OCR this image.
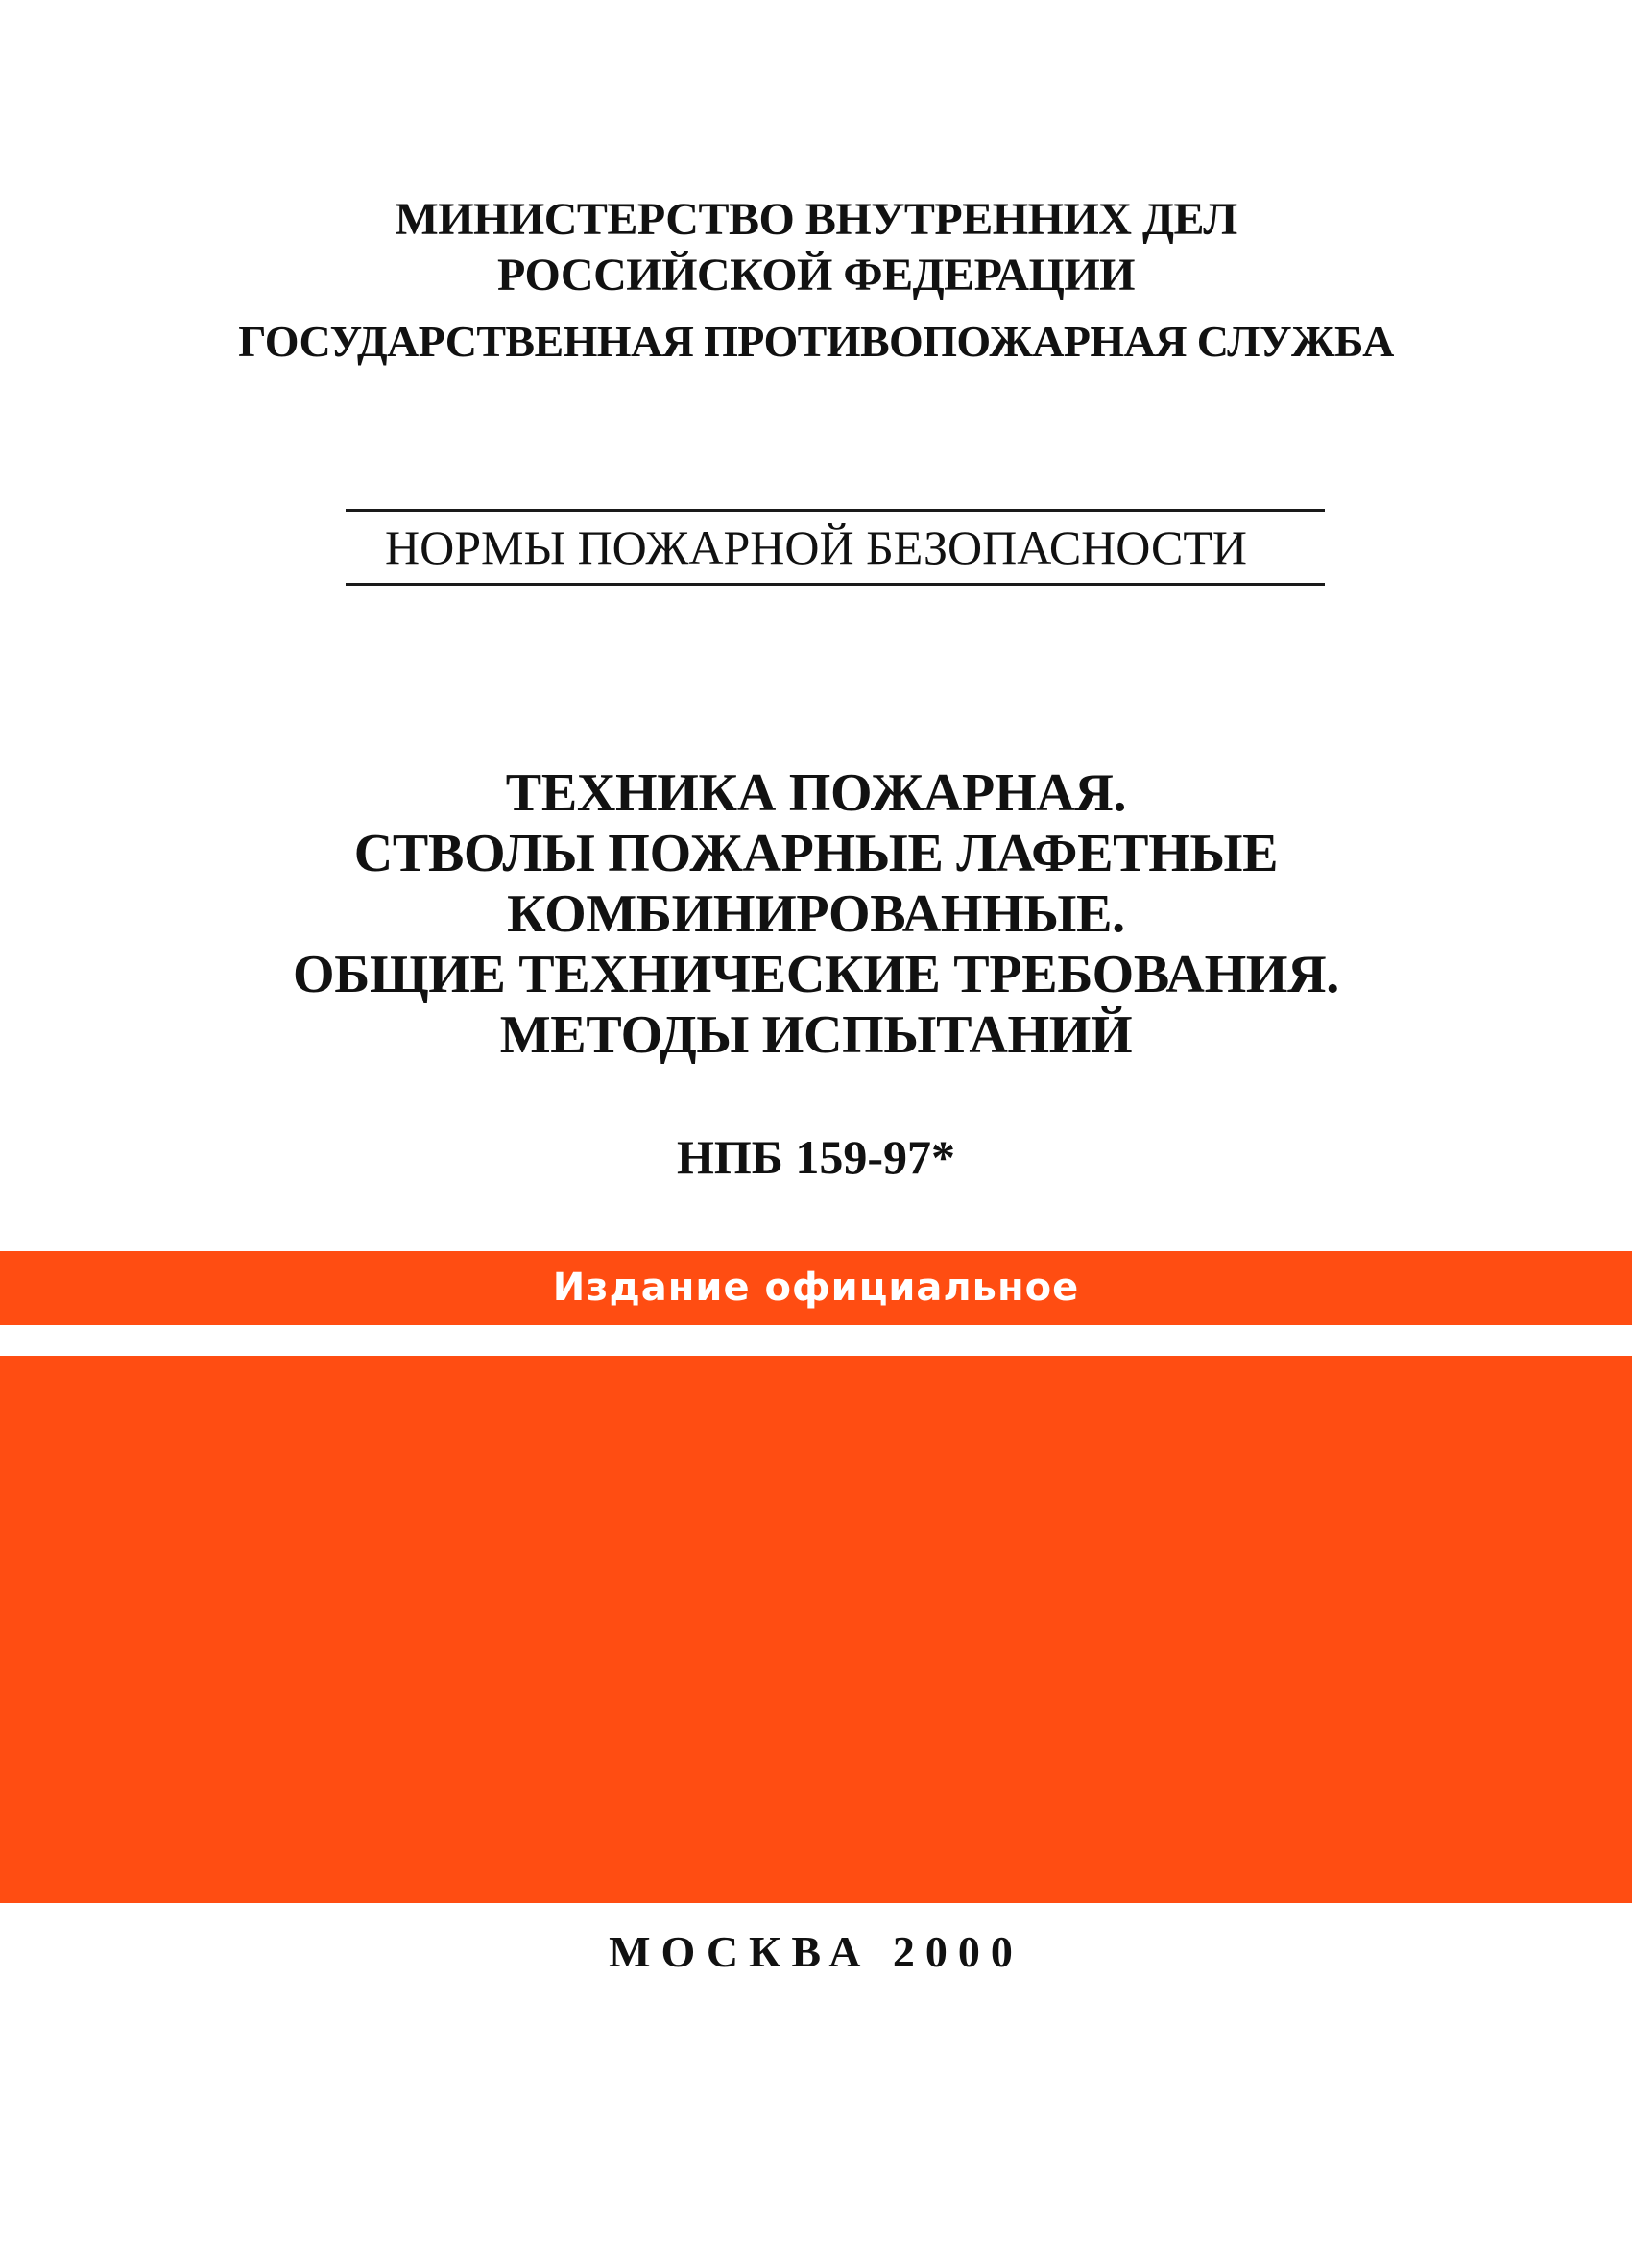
МИНИСТЕРСТВО ВНУТРЕННИХ ДЕЛ
РОССИЙСКОЙ ФЕДЕРАЦИИ
ГОСУДАРСТВЕННАЯ ПРОТИВОПОЖАРНАЯ СЛУЖБА
НОРМЫ ПОЖАРНОЙ БЕЗОПАСНОСТИ
ТЕХНИКА ПОЖАРНАЯ.
СТВОЛЫ ПОЖАРНЫЕ ЛАФЕТНЫЕ
КОМБИНИРОВАННЫЕ.
ОБЩИЕ ТЕХНИЧЕСКИЕ ТРЕБОВАНИЯ.
МЕТОДЫ ИСПЫТАНИЙ
НПБ 159-97*
Издание официальное
МОСКВА 2000
